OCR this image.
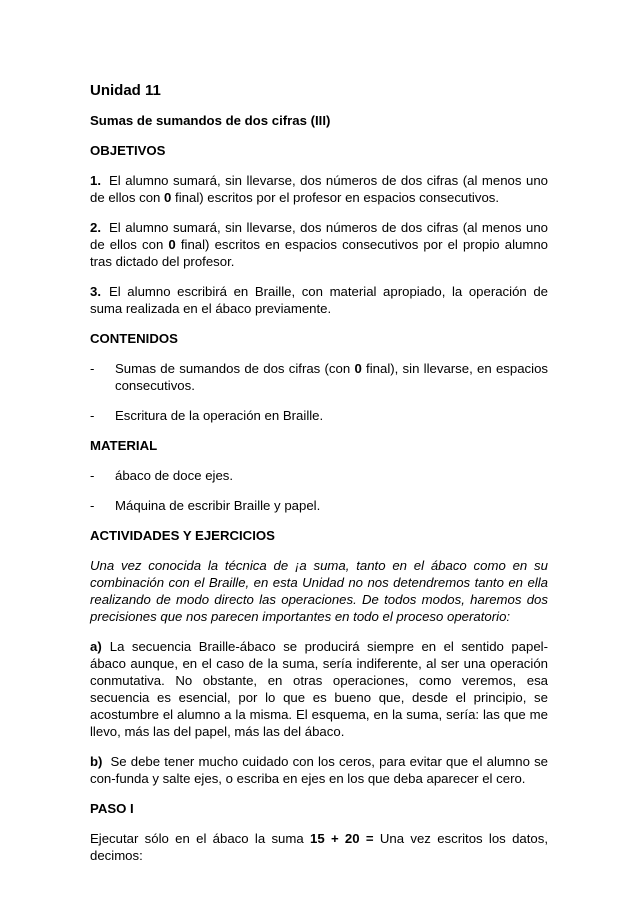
Unidad 11
Sumas de sumandos de dos cifras (III)
OBJETIVOS
1. El alumno sumará, sin llevarse, dos números de dos cifras (al menos uno de ellos con 0 final) escritos por el profesor en espacios consecutivos.
2. El alumno sumará, sin llevarse, dos números de dos cifras (al menos uno de ellos con 0 final) escritos en espacios consecutivos por el propio alumno tras dictado del profesor.
3. El alumno escribirá en Braille, con material apropiado, la operación de suma realizada en el ábaco previamente.
CONTENIDOS
-	Sumas de sumandos de dos cifras (con 0 final), sin llevarse, en espacios consecutivos.
-	Escritura de la operación en Braille.
MATERIAL
-	ábaco de doce ejes.
-	Máquina de escribir Braille y papel.
ACTIVIDADES Y EJERCICIOS
Una vez conocida la técnica de ¡a suma, tanto en el ábaco como en su combinación con el Braille, en esta Unidad no nos detendremos tanto en ella realizando de modo directo las operaciones. De todos modos, haremos dos precisiones que nos parecen importantes en todo el proceso operatorio:
a) La secuencia Braille-ábaco se producirá siempre en el sentido papel-ábaco aunque, en el caso de la suma, sería indiferente, al ser una operación conmutativa. No obstante, en otras operaciones, como veremos, esa secuencia es esencial, por lo que es bueno que, desde el principio, se acostumbre el alumno a la misma. El esquema, en la suma, sería: las que me llevo, más las del papel, más las del ábaco.
b) Se debe tener mucho cuidado con los ceros, para evitar que el alumno se con-funda y salte ejes, o escriba en ejes en los que deba aparecer el cero.
PASO I
Ejecutar sólo en el ábaco la suma 15 + 20 = Una vez escritos los datos, decimos:
